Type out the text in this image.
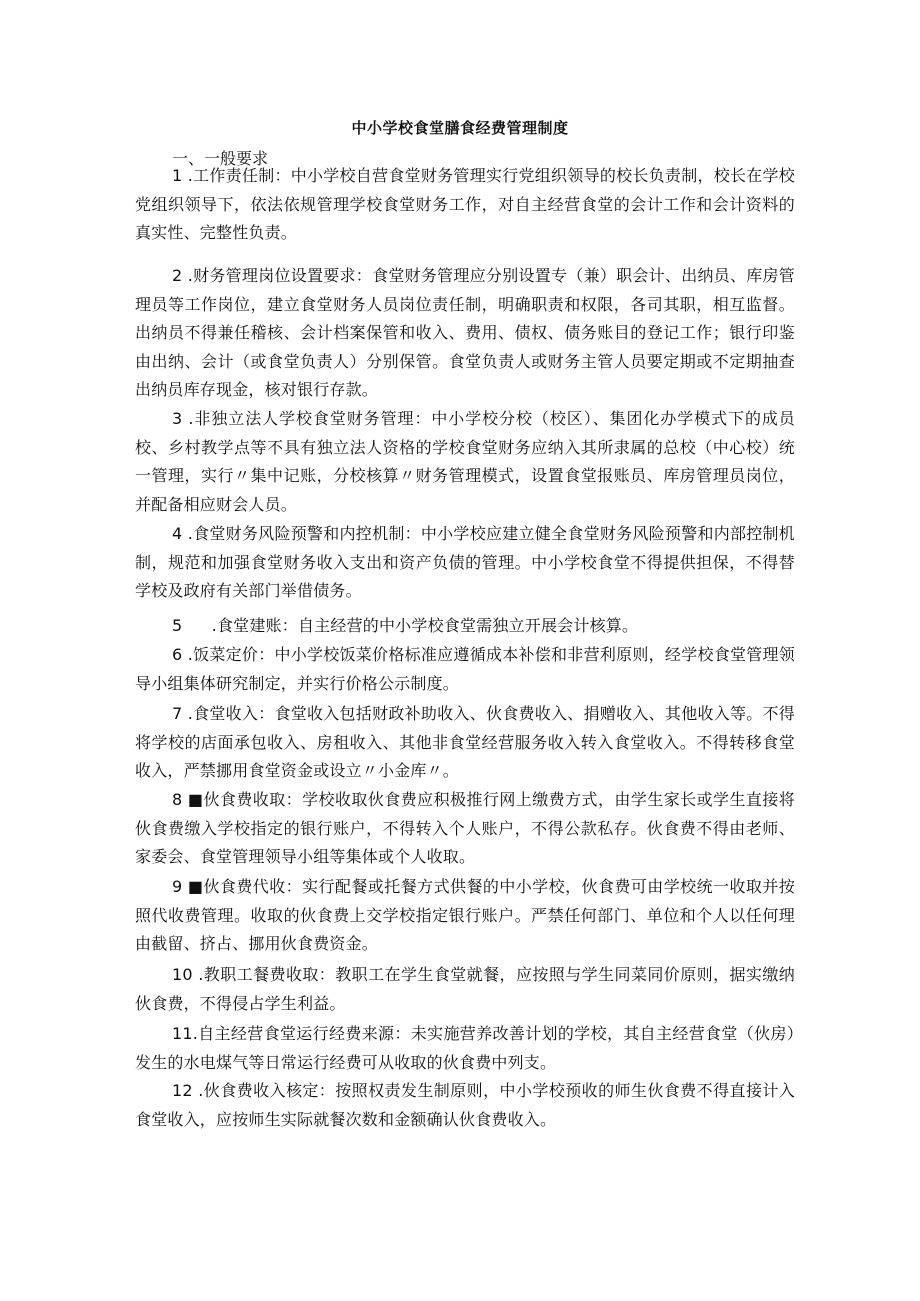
中小学校食堂膳食经费管理制度
一、一般要求

1 .工作责任制：中小学校自营食堂财务管理实行党组织领导的校长负责制，校长在学校党组织领导下，依法依规管理学校食堂财务工作，对自主经营食堂的会计工作和会计资料的真实性、完整性负责。

2 .财务管理岗位设置要求：食堂财务管理应分别设置专（兼）职会计、出纳员、库房管理员等工作岗位，建立食堂财务人员岗位责任制，明确职责和权限，各司其职，相互监督。出纳员不得兼任稽核、会计档案保管和收入、费用、债权、债务账目的登记工作；银行印鉴由出纳、会计（或食堂负责人）分别保管。食堂负责人或财务主管人员要定期或不定期抽查出纳员库存现金，核对银行存款。

3 .非独立法人学校食堂财务管理：中小学校分校（校区）、集团化办学模式下的成员校、乡村教学点等不具有独立法人资格的学校食堂财务应纳入其所隶属的总校（中心校）统一管理，实行〃集中记账，分校核算〃财务管理模式，设置食堂报账员、库房管理员岗位，并配备相应财会人员。

4 .食堂财务风险预警和内控机制：中小学校应建立健全食堂财务风险预警和内部控制机制，规范和加强食堂财务收入支出和资产负债的管理。中小学校食堂不得提供担保，不得替学校及政府有关部门举借债务。

5 .食堂建账：自主经营的中小学校食堂需独立开展会计核算。

6 .饭菜定价：中小学校饭菜价格标准应遵循成本补偿和非营利原则，经学校食堂管理领导小组集体研究制定，并实行价格公示制度。

7 .食堂收入：食堂收入包括财政补助收入、伙食费收入、捐赠收入、其他收入等。不得将学校的店面承包收入、房租收入、其他非食堂经营服务收入转入食堂收入。不得转移食堂收入，严禁挪用食堂资金或设立〃小金库〃。

8 ■伙食费收取：学校收取伙食费应积极推行网上缴费方式，由学生家长或学生直接将伙食费缴入学校指定的银行账户，不得转入个人账户，不得公款私存。伙食费不得由老师、家委会、食堂管理领导小组等集体或个人收取。

9 ■伙食费代收：实行配餐或托餐方式供餐的中小学校，伙食费可由学校统一收取并按照代收费管理。收取的伙食费上交学校指定银行账户。严禁任何部门、单位和个人以任何理由截留、挤占、挪用伙食费资金。

10 .教职工餐费收取：教职工在学生食堂就餐，应按照与学生同菜同价原则，据实缴纳伙食费，不得侵占学生利益。

11.自主经营食堂运行经费来源：未实施营养改善计划的学校，其自主经营食堂（伙房）发生的水电煤气等日常运行经费可从收取的伙食费中列支。

12 .伙食费收入核定：按照权责发生制原则，中小学校预收的师生伙食费不得直接计入食堂收入，应按师生实际就餐次数和金额确认伙食费收入。
